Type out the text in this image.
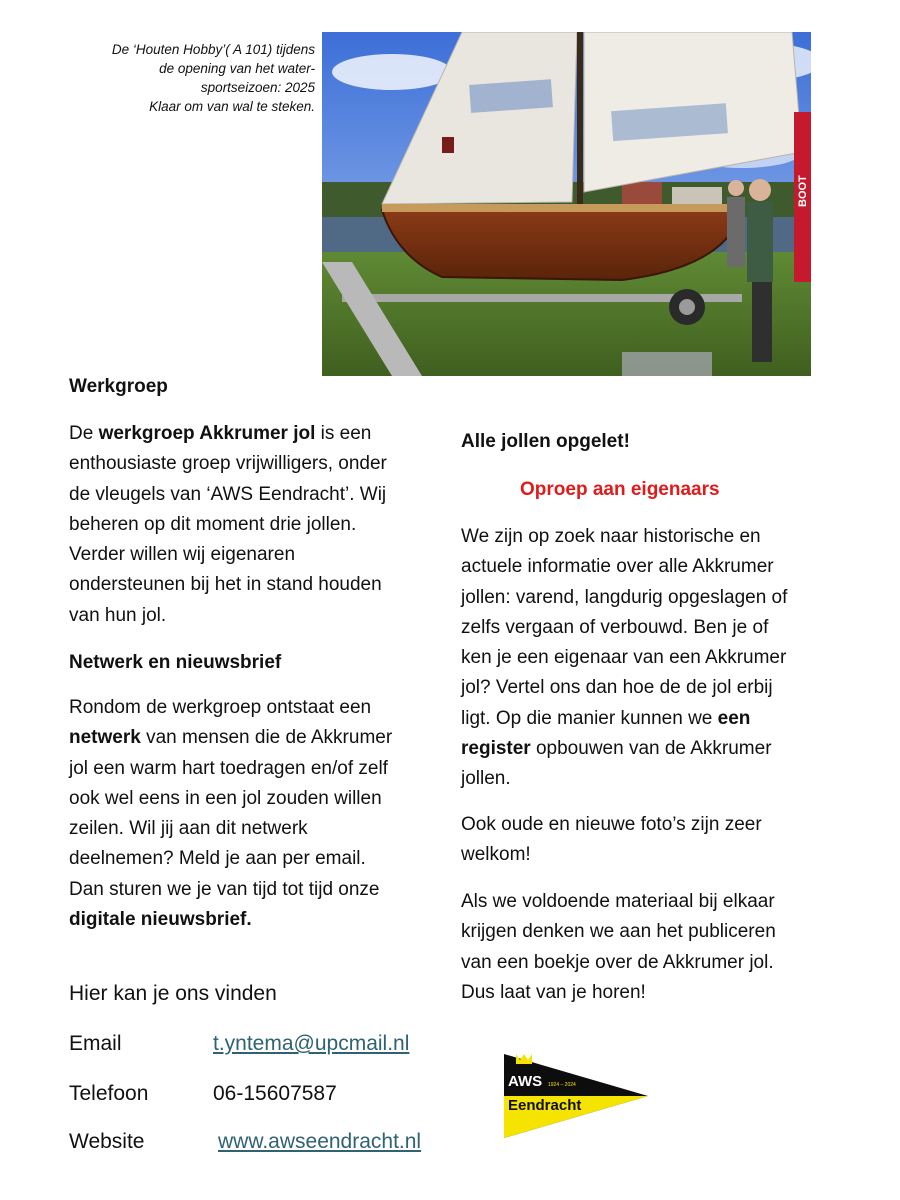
De ‘Houten Hobby’( A 101) tijdens
de opening van het water-
sportseizoen: 2025
Klaar om van wal te steken.
BOOT
Werkgroep

De werkgroep Akkrumer jol is een

enthousiaste groep vrijwilligers, onder

de vleugels van ‘AWS Eendracht’. Wij

beheren op dit moment drie jollen.

Verder willen wij eigenaren

ondersteunen bij het in stand houden

van hun jol.

Netwerk en nieuwsbrief

Rondom de werkgroep ontstaat een

netwerk van mensen die de Akkrumer

jol een warm hart toedragen en/of zelf

ook wel eens in een jol zouden willen

zeilen. Wil jij aan dit netwerk

deelnemen? Meld je aan per email.

Dan sturen we je van tijd tot tijd onze

digitale nieuwsbrief.

Hier kan je ons vinden
Email	t.yntema@upcmail.nl
Telefoon	06-15607587
Website	www.awseendracht.nl
Alle jollen opgelet!
Oproep aan eigenaars

We zijn op zoek naar historische en

actuele informatie over alle Akkrumer

jollen: varend, langdurig opgeslagen of

zelfs vergaan of verbouwd. Ben je of

ken je een eigenaar van een Akkrumer

jol? Vertel ons dan hoe de de jol erbij

ligt. Op die manier kunnen we een

register opbouwen van de Akkrumer

jollen.

Ook oude en nieuwe foto’s zijn zeer

welkom!

Als we voldoende materiaal bij elkaar

krijgen denken we aan het publiceren

van een boekje over de Akkrumer jol.

Dus laat van je horen!

AWS 1924 – 2024
Eendracht
